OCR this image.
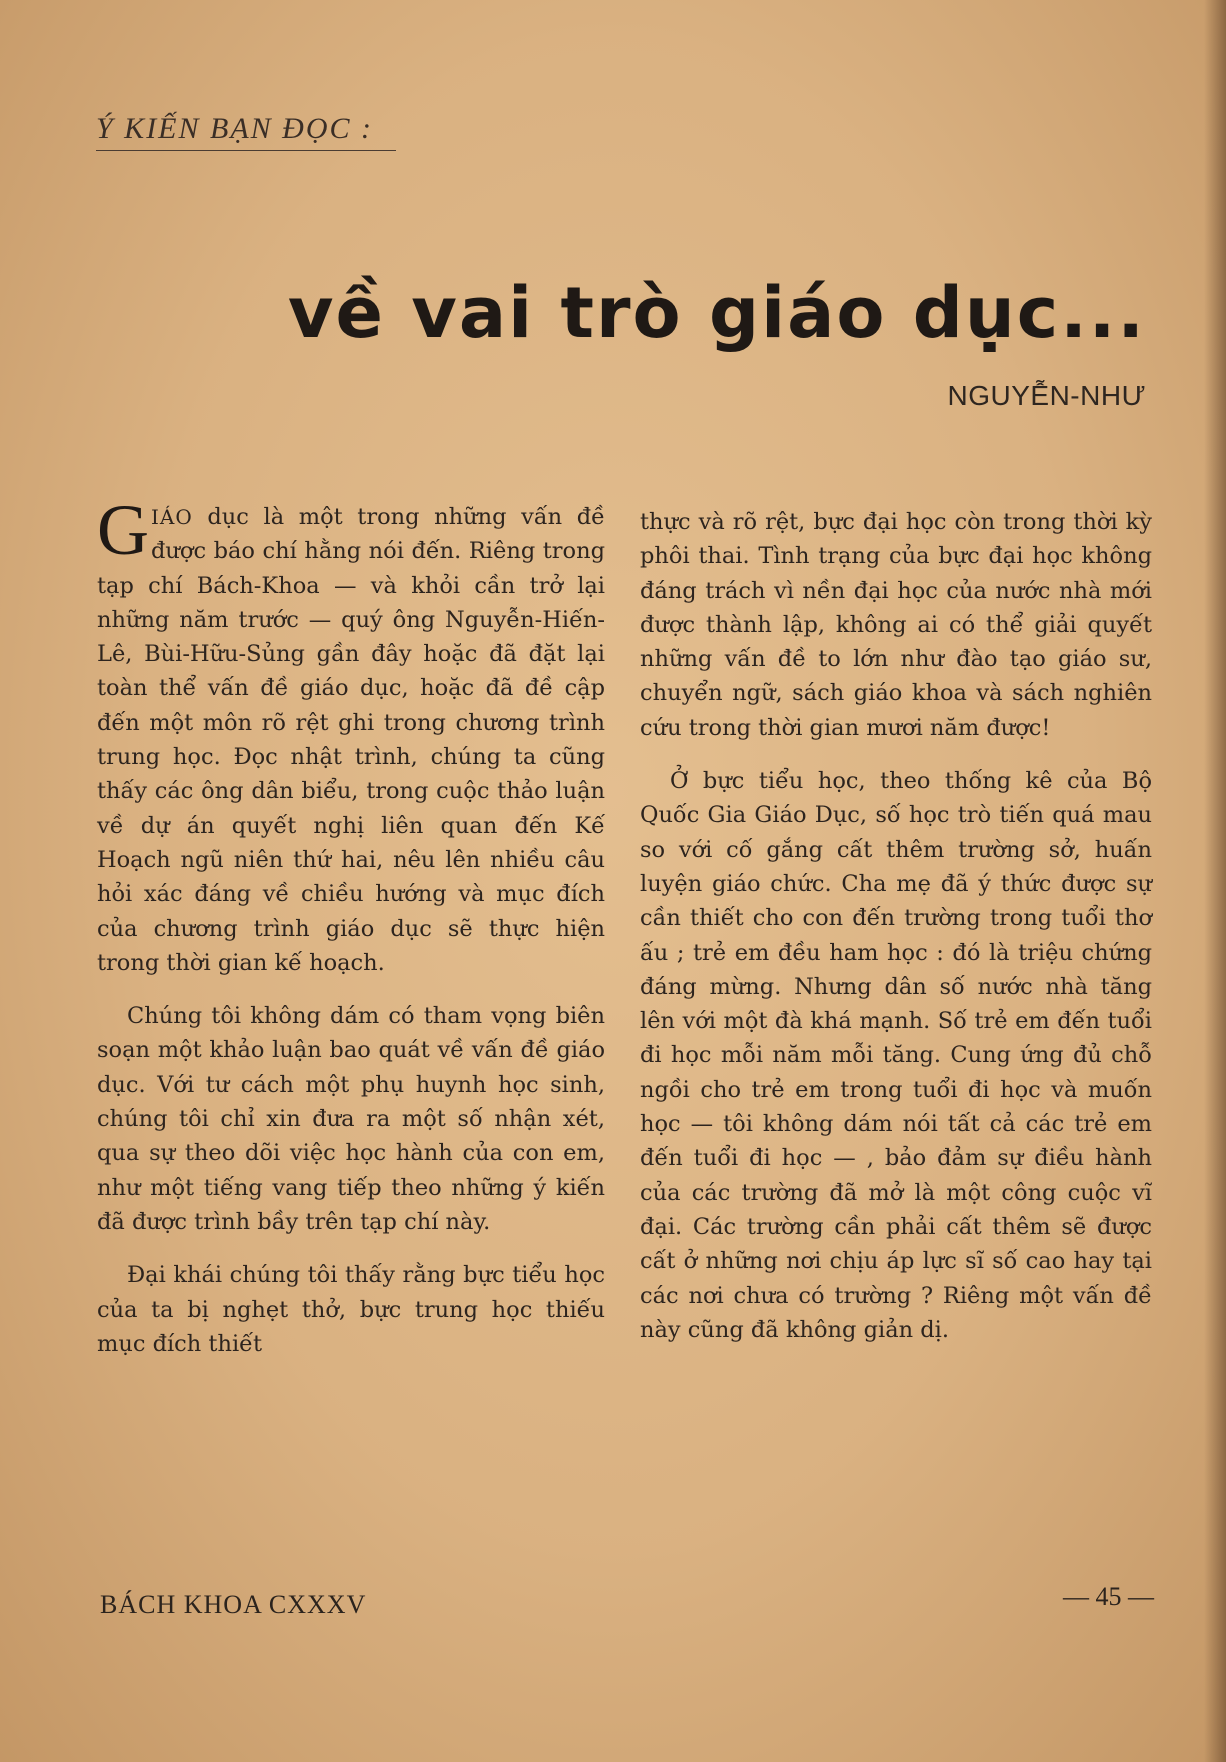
Ý KIẾN BẠN ĐỌC :
về vai trò giáo dục...
NGUYỄN-NHƯ

GIÁO dục là một trong những vấn đề được báo chí hằng nói đến. Riêng trong tạp chí Bách-Khoa — và khỏi cần trở lại những năm trước — quý ông Nguyễn-Hiến-Lê, Bùi-Hữu-Sủng gần đây hoặc đã đặt lại toàn thể vấn đề giáo dục, hoặc đã đề cập đến một môn rõ rệt ghi trong chương trình trung học. Đọc nhật trình, chúng ta cũng thấy các ông dân biểu, trong cuộc thảo luận về dự án quyết nghị liên quan đến Kế Hoạch ngũ niên thứ hai, nêu lên nhiều câu hỏi xác đáng về chiều hướng và mục đích của chương trình giáo dục sẽ thực hiện trong thời gian kế hoạch.

Chúng tôi không dám có tham vọng biên soạn một khảo luận bao quát về vấn đề giáo dục. Với tư cách một phụ huynh học sinh, chúng tôi chỉ xin đưa ra một số nhận xét, qua sự theo dõi việc học hành của con em, như một tiếng vang tiếp theo những ý kiến đã được trình bầy trên tạp chí này.

Đại khái chúng tôi thấy rằng bực tiểu học của ta bị nghẹt thở, bực trung học thiếu mục đích thiết

thực và rõ rệt, bực đại học còn trong thời kỳ phôi thai. Tình trạng của bực đại học không đáng trách vì nền đại học của nước nhà mới được thành lập, không ai có thể giải quyết những vấn đề to lớn như đào tạo giáo sư, chuyển ngữ, sách giáo khoa và sách nghiên cứu trong thời gian mươi năm được!

Ở bực tiểu học, theo thống kê của Bộ Quốc Gia Giáo Dục, số học trò tiến quá mau so với cố gắng cất thêm trường sở, huấn luyện giáo chức. Cha mẹ đã ý thức được sự cần thiết cho con đến trường trong tuổi thơ ấu ; trẻ em đều ham học : đó là triệu chứng đáng mừng. Nhưng dân số nước nhà tăng lên với một đà khá mạnh. Số trẻ em đến tuổi đi học mỗi năm mỗi tăng. Cung ứng đủ chỗ ngồi cho trẻ em trong tuổi đi học và muốn học — tôi không dám nói tất cả các trẻ em đến tuổi đi học — , bảo đảm sự điều hành của các trường đã mở là một công cuộc vĩ đại. Các trường cần phải cất thêm sẽ được cất ở những nơi chịu áp lực sĩ số cao hay tại các nơi chưa có trường ? Riêng một vấn đề này cũng đã không giản dị.

BÁCH KHOA CXXXV	— 45 —
